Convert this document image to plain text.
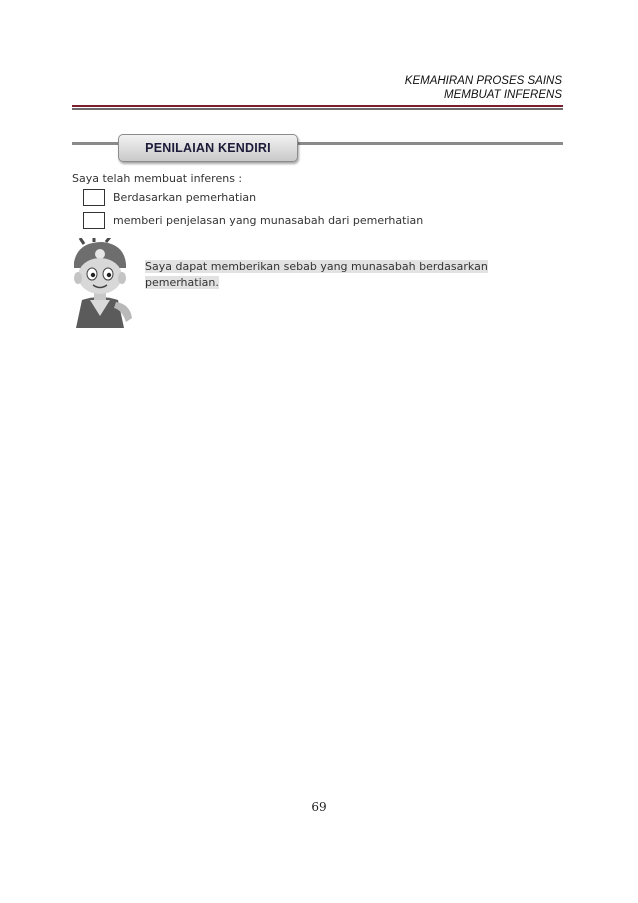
KEMAHIRAN PROSES SAINS
MEMBUAT INFERENS
PENILAIAN KENDIRI
Saya telah membuat inferens :
Berdasarkan pemerhatian
memberi penjelasan yang munasabah dari pemerhatian
Saya dapat memberikan sebab yang munasabah berdasarkan
pemerhatian.
69
